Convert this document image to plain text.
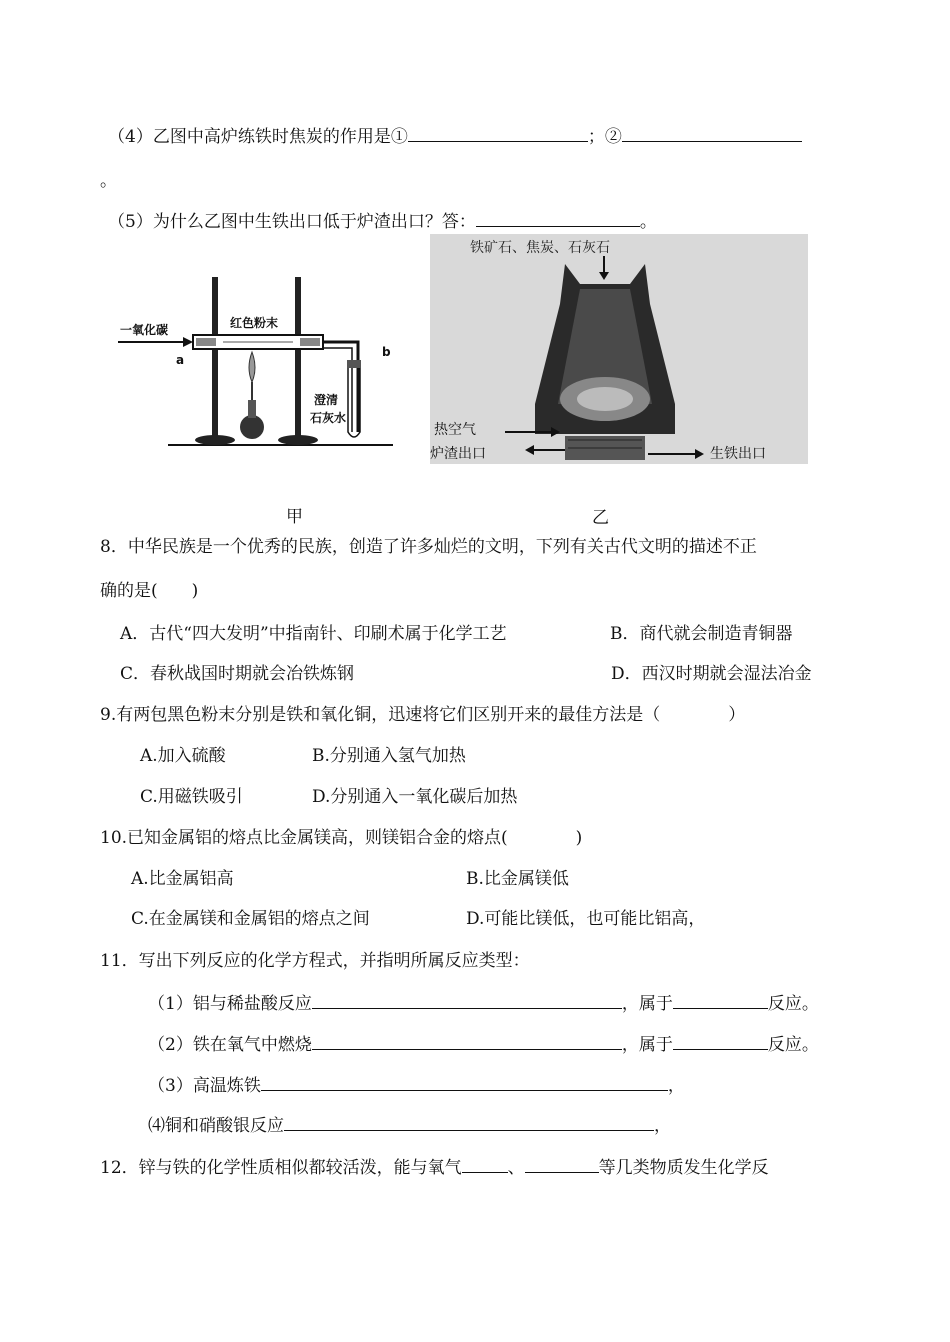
（4）乙图中高炉练铁时焦炭的作用是①	；②
。
（5）为什么乙图中生铁出口低于炉渣出口？答：	。
一氧化碳	红色粉末
a
b
澄清
石灰水
铁矿石、焦炭、石灰石
热空气
炉渣出口	生铁出口
甲	乙
8．中华民族是一个优秀的民族，创造了许多灿烂的文明，下列有关古代文明的描述不正
确的是(　　)
A．古代“四大发明”中指南针、印刷术属于化学工艺	B．商代就会制造青铜器
C．春秋战国时期就会冶铁炼钢	D．西汉时期就会湿法冶金
9.有两包黑色粉末分别是铁和氧化铜，迅速将它们区别开来的最佳方法是（　　　　）
A.加入硫酸	B.分别通入氢气加热
C.用磁铁吸引	D.分别通入一氧化碳后加热
10.已知金属铝的熔点比金属镁高，则镁铝合金的熔点(　　　　)
A.比金属铝高	B.比金属镁低
C.在金属镁和金属铝的熔点之间	D.可能比镁低，也可能比铝高，
11．写出下列反应的化学方程式，并指明所属反应类型：
（1）铝与稀盐酸反应	，属于	反应。
（2）铁在氧气中燃烧	，属于	反应。
（3）高温炼铁	，
⑷铜和硝酸银反应	，
12．锌与铁的化学性质相似都较活泼，能与氧气	、	等几类物质发生化学反
